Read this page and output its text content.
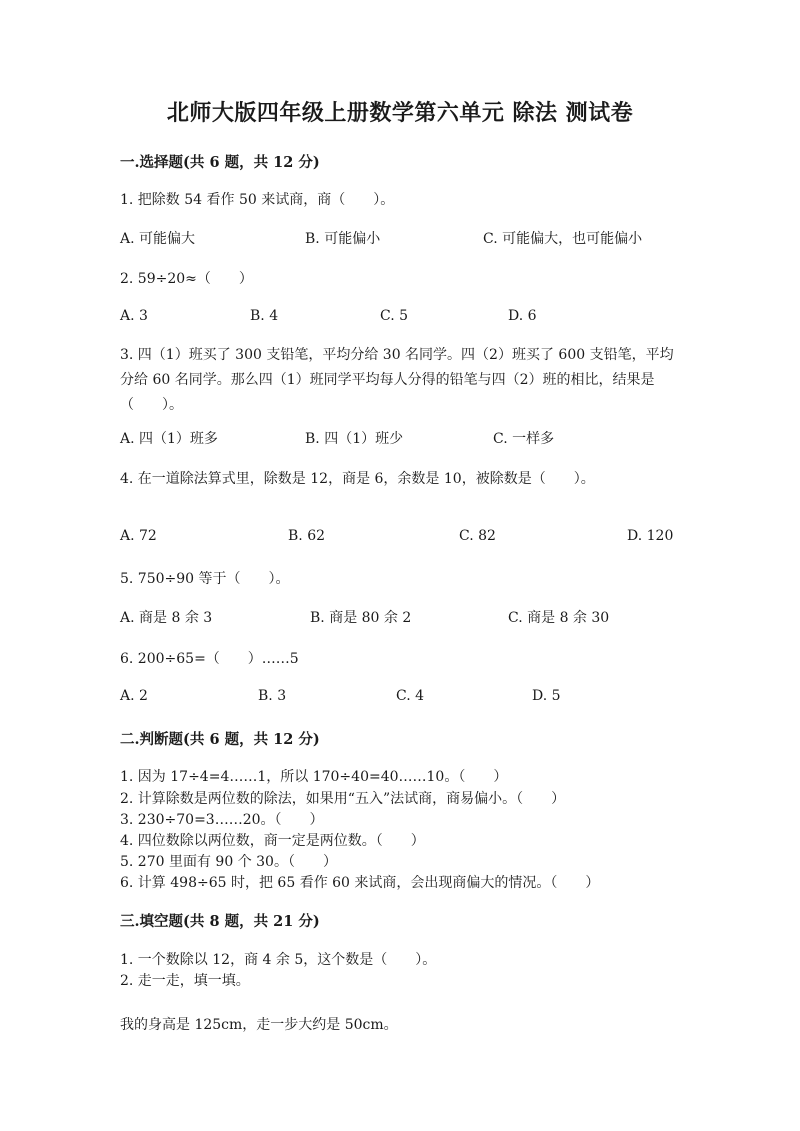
北师大版四年级上册数学第六单元 除法 测试卷
一.选择题(共 6 题，共 12 分)
1. 把除数 54 看作 50 来试商，商（　　）。
A. 可能偏大	B. 可能偏小	C. 可能偏大，也可能偏小
2. 59÷20≈（　　）
A. 3	B. 4	C. 5	D. 6
3. 四（1）班买了 300 支铅笔，平均分给 30 名同学。四（2）班买了 600 支铅笔，平均分给 60 名同学。那么四（1）班同学平均每人分得的铅笔与四（2）班的相比，结果是（　　）。
A. 四（1）班多	B. 四（1）班少	C. 一样多
4. 在一道除法算式里，除数是 12，商是 6，余数是 10，被除数是（　　）。
A. 72	B. 62	C. 82	D. 120
5. 750÷90 等于（　　）。
A. 商是 8 余 3	B. 商是 80 余 2	C. 商是 8 余 30
6. 200÷65=（　　）……5
A. 2	B. 3	C. 4	D. 5
二.判断题(共 6 题，共 12 分)
1. 因为 17÷4=4……1，所以 170÷40=40……10。（　　）
2. 计算除数是两位数的除法，如果用“五入”法试商，商易偏小。（　　）
3. 230÷70=3……20。（　　）
4. 四位数除以两位数，商一定是两位数。（　　）
5. 270 里面有 90 个 30。（　　）
6. 计算 498÷65 时，把 65 看作 60 来试商，会出现商偏大的情况。（　　）
三.填空题(共 8 题，共 21 分)
1. 一个数除以 12，商 4 余 5，这个数是（　　）。
2. 走一走，填一填。
我的身高是 125cm，走一步大约是 50cm。
